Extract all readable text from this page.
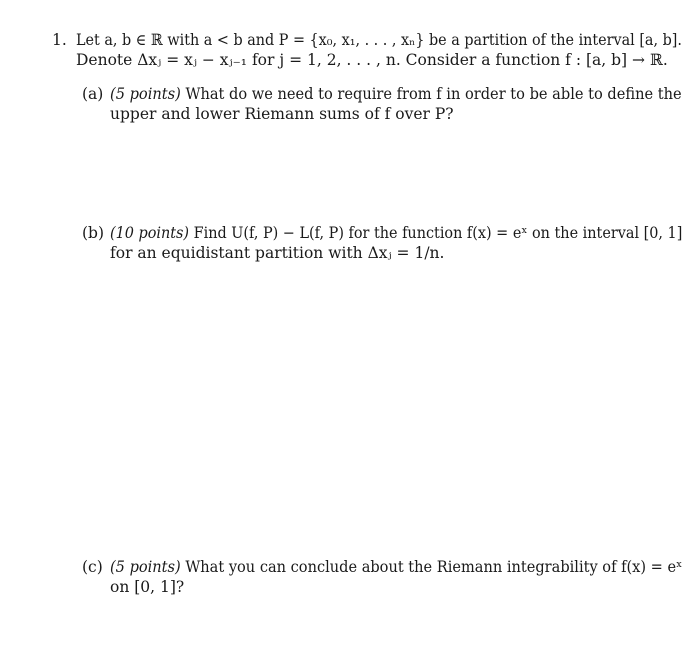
1. Let a, b ∈ ℝ with a < b and P = {x₀, x₁, . . . , xₙ} be a partition of the interval [a, b].
Denote Δxⱼ = xⱼ − xⱼ₋₁ for j = 1, 2, . . . , n. Consider a function f : [a, b] → ℝ.
(a) (5 points) What do we need to require from f in order to be able to define the
upper and lower Riemann sums of f over P?
(b) (10 points) Find U(f, P) − L(f, P) for the function f(x) = eˣ on the interval [0, 1]
for an equidistant partition with Δxⱼ = 1/n.
(c) (5 points) What you can conclude about the Riemann integrability of f(x) = eˣ
on [0, 1]?
